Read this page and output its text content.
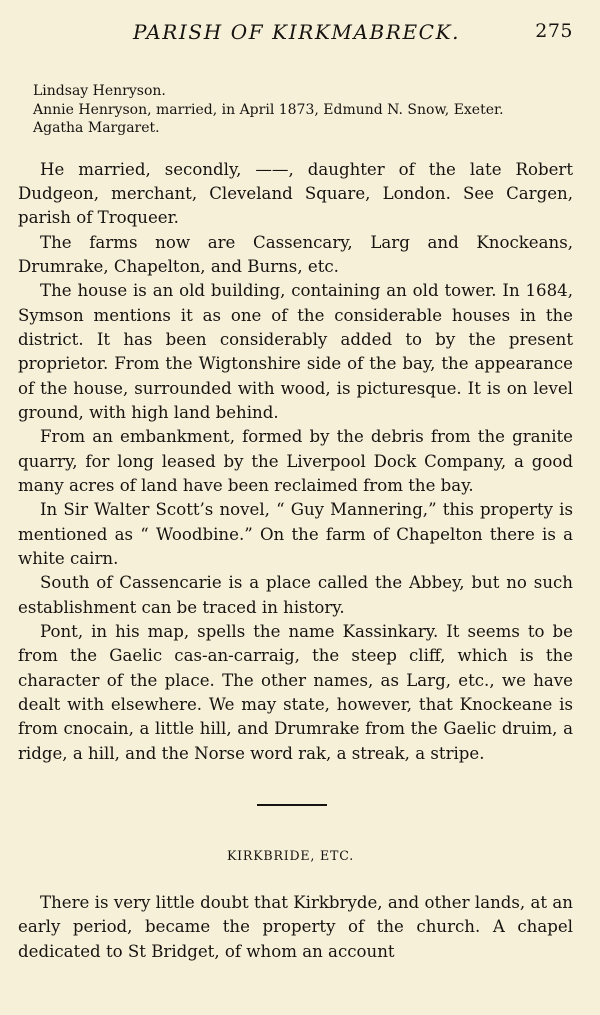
PARISH OF KIRKMABRECK.	275
Lindsay Henryson.
Annie Henryson, married, in April 1873, Edmund N. Snow, Exeter.
Agatha Margaret.

He married, secondly, ——, daughter of the late Robert Dudgeon, merchant, Cleveland Square, London. See Cargen, parish of Troqueer.

The farms now are Cassencary, Larg and Knockeans, Drumrake, Chapelton, and Burns, etc.

The house is an old building, containing an old tower. In 1684, Symson mentions it as one of the considerable houses in the district. It has been considerably added to by the present proprietor. From the Wigtonshire side of the bay, the appearance of the house, surrounded with wood, is picturesque. It is on level ground, with high land behind.

From an embankment, formed by the debris from the granite quarry, for long leased by the Liverpool Dock Company, a good many acres of land have been reclaimed from the bay.

In Sir Walter Scott’s novel, “ Guy Mannering,” this property is mentioned as “ Woodbine.” On the farm of Chapelton there is a white cairn.

South of Cassencarie is a place called the Abbey, but no such establishment can be traced in history.

Pont, in his map, spells the name Kassinkary. It seems to be from the Gaelic cas-an-carraig, the steep cliff, which is the character of the place. The other names, as Larg, etc., we have dealt with elsewhere. We may state, however, that Knockeane is from cnocain, a little hill, and Drumrake from the Gaelic druim, a ridge, a hill, and the Norse word rak, a streak, a stripe.

KIRKBRIDE, ETC.

There is very little doubt that Kirkbryde, and other lands, at an early period, became the property of the church. A chapel dedicated to St Bridget, of whom an account
